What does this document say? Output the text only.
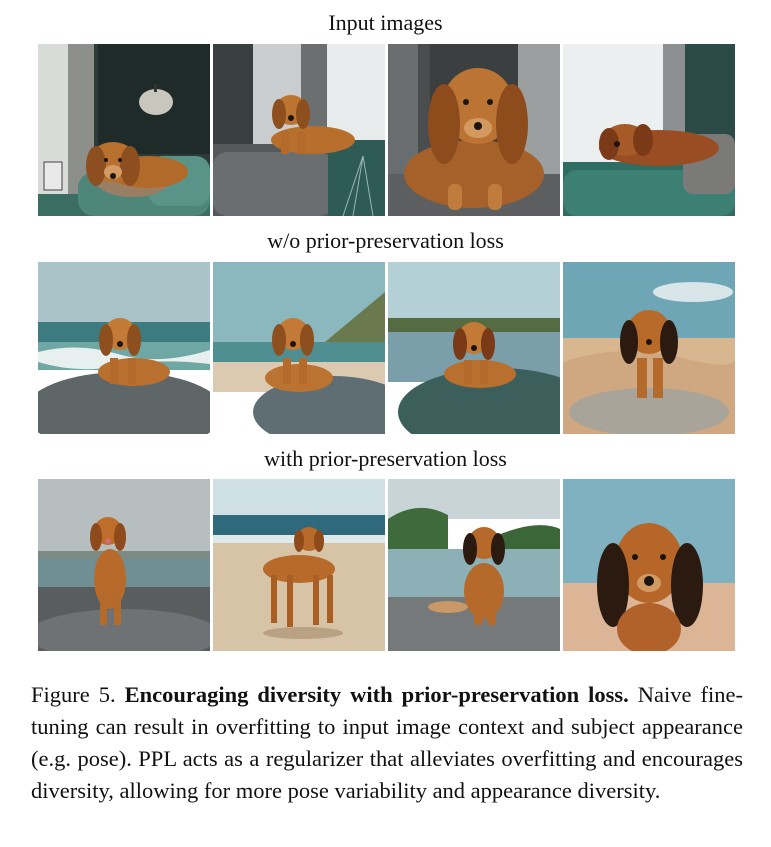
Input images
w/o prior-preservation loss
with prior-preservation loss
Figure 5. Encouraging diversity with prior-preservation loss. Naive fine-tuning can result in overfitting to input image context and subject appearance (e.g. pose). PPL acts as a regularizer that alleviates overfitting and encourages diversity, allowing for more pose variability and appearance diversity.
